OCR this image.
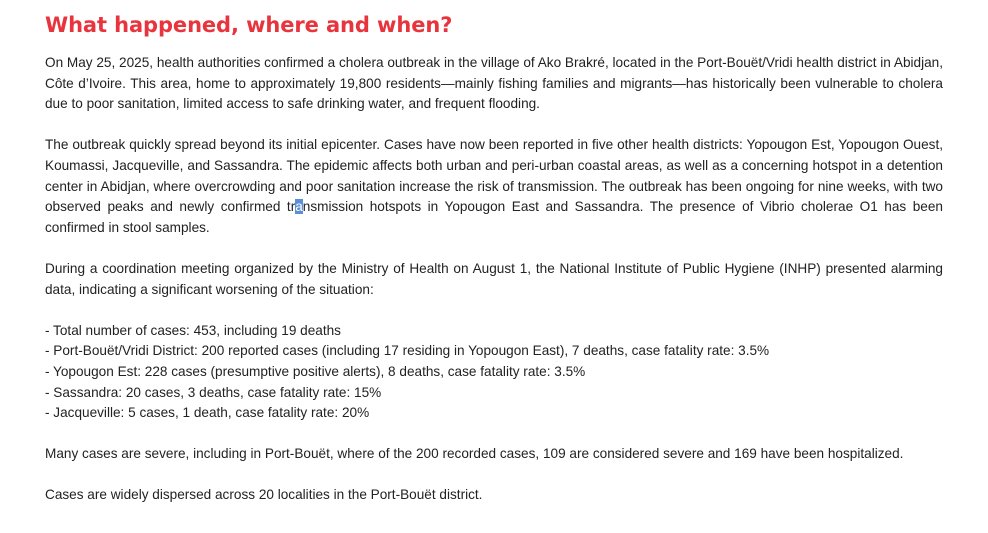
What happened, where and when?

On May 25, 2025, health authorities confirmed a cholera outbreak in the village of Ako Brakré, located in the Port-Bouët/Vridi health district in Abidjan, Côte d’Ivoire. This area, home to approximately 19,800 residents—mainly fishing families and migrants—has historically been vulnerable to cholera due to poor sanitation, limited access to safe drinking water, and frequent flooding.

The outbreak quickly spread beyond its initial epicenter. Cases have now been reported in five other health districts: Yopougon Est, Yopougon Ouest, Koumassi, Jacqueville, and Sassandra. The epidemic affects both urban and peri-urban coastal areas, as well as a concerning hotspot in a detention center in Abidjan, where overcrowding and poor sanitation increase the risk of transmission. The outbreak has been ongoing for nine weeks, with two observed peaks and newly confirmed transmission hotspots in Yopougon East and Sassandra. The presence of Vibrio cholerae O1 has been confirmed in stool samples.

During a coordination meeting organized by the Ministry of Health on August 1, the National Institute of Public Hygiene (INHP) presented alarming data, indicating a significant worsening of the situation:

- Total number of cases: 453, including 19 deaths
- Port-Bouët/Vridi District: 200 reported cases (including 17 residing in Yopougon East), 7 deaths, case fatality rate: 3.5%
- Yopougon Est: 228 cases (presumptive positive alerts), 8 deaths, case fatality rate: 3.5%
- Sassandra: 20 cases, 3 deaths, case fatality rate: 15%
- Jacqueville: 5 cases, 1 death, case fatality rate: 20%

Many cases are severe, including in Port-Bouët, where of the 200 recorded cases, 109 are considered severe and 169 have been hospitalized.

Cases are widely dispersed across 20 localities in the Port-Bouët district.
